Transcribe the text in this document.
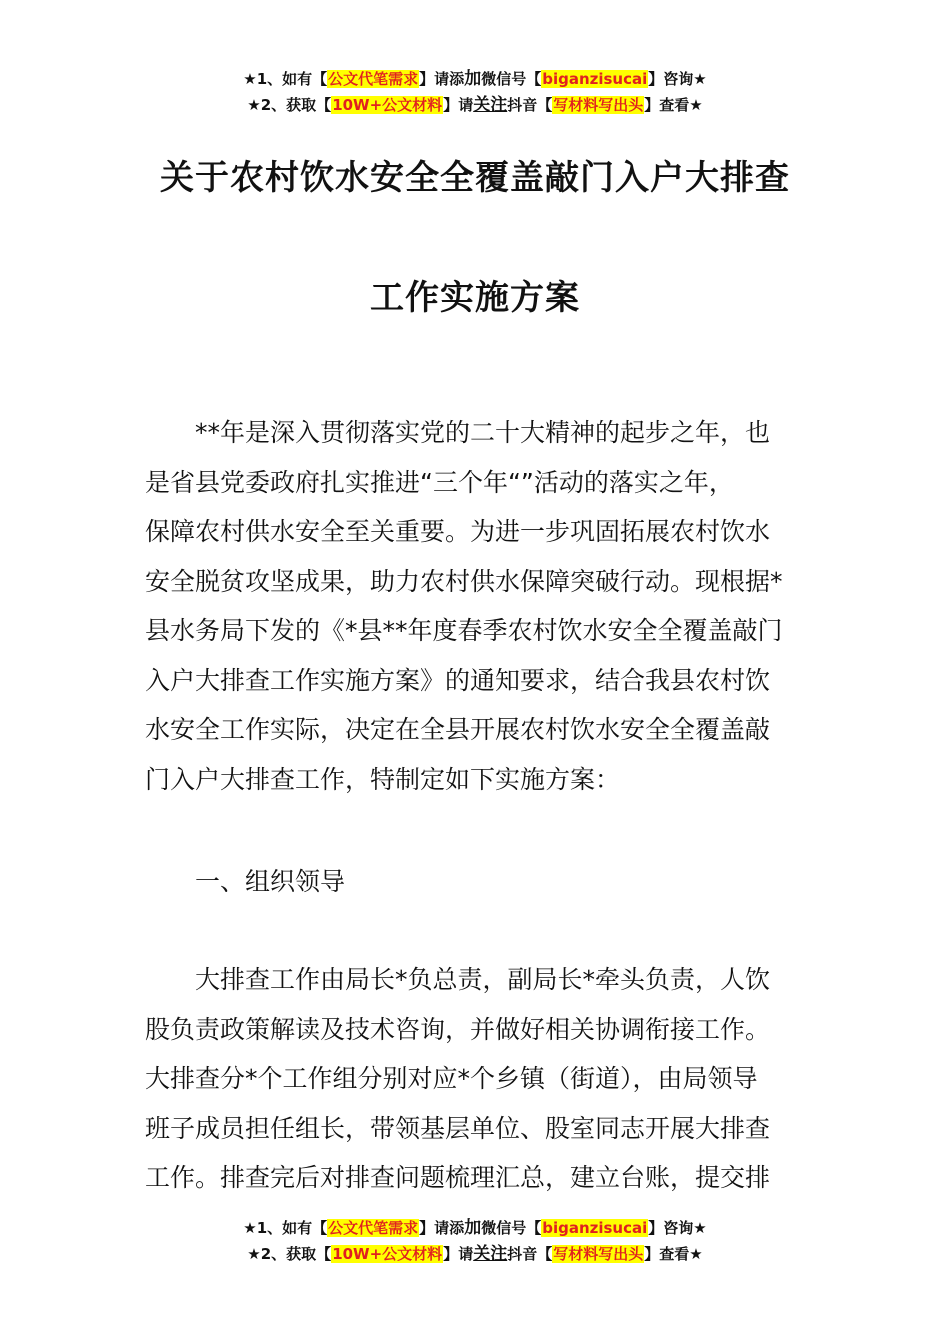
★1、如有【公文代笔需求】请添加微信号【biganzisucai】咨询★
★2、获取【10W+公文材料】请关注抖音【写材料写出头】查看★
关于农村饮水安全全覆盖敲门入户大排查
工作实施方案
**年是深入贯彻落实党的二十大精神的起步之年，也
是省县党委政府扎实推进“三个年“”活动的落实之年，
保障农村供水安全至关重要。为进一步巩固拓展农村饮水
安全脱贫攻坚成果，助力农村供水保障突破行动。现根据*
县水务局下发的《*县**年度春季农村饮水安全全覆盖敲门
入户大排查工作实施方案》的通知要求，结合我县农村饮
水安全工作实际，决定在全县开展农村饮水安全全覆盖敲
门入户大排查工作，特制定如下实施方案：
一、组织领导
大排查工作由局长*负总责，副局长*牵头负责，人饮
股负责政策解读及技术咨询，并做好相关协调衔接工作。
大排查分*个工作组分别对应*个乡镇（街道），由局领导
班子成员担任组长，带领基层单位、股室同志开展大排查
工作。排查完后对排查问题梳理汇总，建立台账，提交排
★1、如有【公文代笔需求】请添加微信号【biganzisucai】咨询★
★2、获取【10W+公文材料】请关注抖音【写材料写出头】查看★
